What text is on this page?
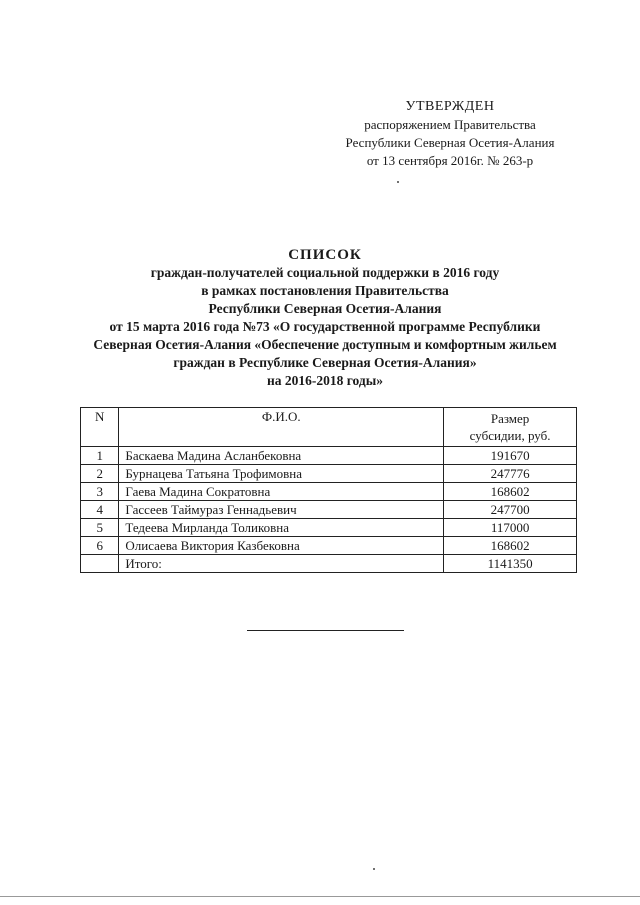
УТВЕРЖДЕН
распоряжением Правительства
Республики Северная Осетия-Алания
от 13 сентября 2016г. № 263-р
СПИСОК
граждан-получателей социальной поддержки в 2016 году
в рамках постановления Правительства
Республики Северная Осетия-Алания
от 15 марта 2016 года №73 «О государственной программе Республики
Северная Осетия-Алания «Обеспечение доступным и комфортным жильем
граждан в Республике Северная Осетия-Алания»
на 2016-2018 годы»
N	Ф.И.О.	Размер
субсидии, руб.

1	Баскаева Мадина Асланбековна	191670
2	Бурнацева Татьяна Трофимовна	247776
3	Гаева Мадина Сократовна	168602
4	Гассеев Таймураз Геннадьевич	247700
5	Тедеева Мирланда Толиковна	117000
6	Олисаева Виктория Казбековна	168602
	Итого:	1141350
